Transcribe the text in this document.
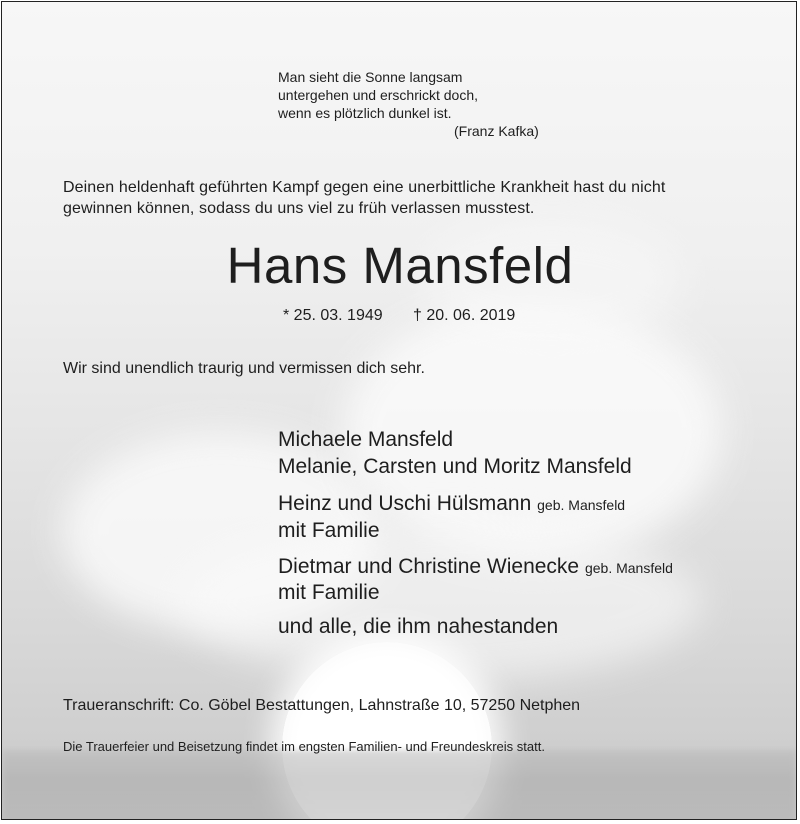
Man sieht die Sonne langsam
untergehen und erschrickt doch,
wenn es plötzlich dunkel ist.
(Franz Kafka)
Deinen heldenhaft geführten Kampf gegen eine unerbittliche Krankheit hast du nicht
gewinnen können, sodass du uns viel zu früh verlassen musstest.
Hans Mansfeld
* 25. 03. 1949 † 20. 06. 2019
Wir sind unendlich traurig und vermissen dich sehr.
Michaele Mansfeld
Melanie, Carsten und Moritz Mansfeld
Heinz und Uschi Hülsmann geb. Mansfeld
mit Familie
Dietmar und Christine Wienecke geb. Mansfeld
mit Familie
und alle, die ihm nahestanden
Traueranschrift: Co. Göbel Bestattungen, Lahnstraße 10, 57250 Netphen
Die Trauerfeier und Beisetzung findet im engsten Familien- und Freundeskreis statt.
